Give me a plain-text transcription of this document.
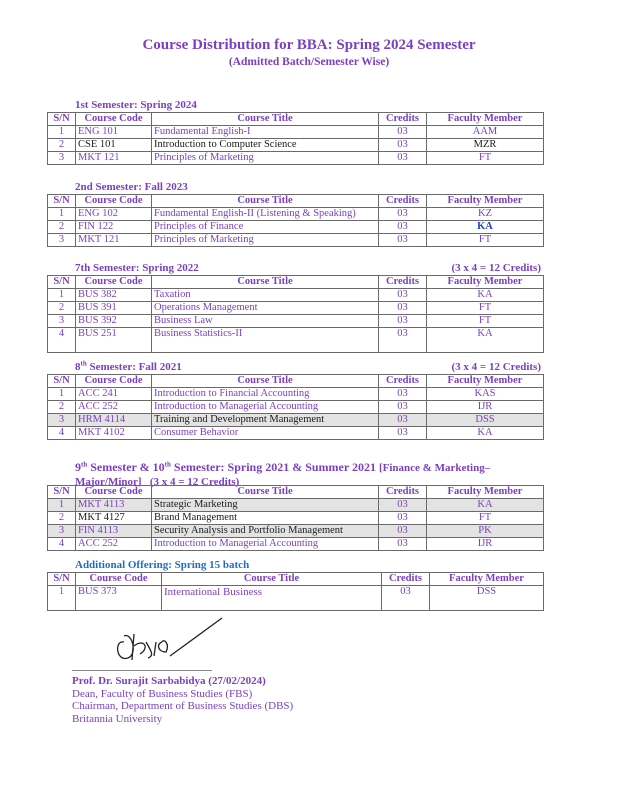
Course Distribution for BBA: Spring 2024 Semester
(Admitted Batch/Semester Wise)
1st Semester: Spring 2024
S/N	Course Code	Course Title	Credits	Faculty Member
1	ENG 101	Fundamental English-I	03	AAM
2	CSE 101	Introduction to Computer Science	03	MZR
3	MKT 121	Principles of Marketing	03	FT
2nd Semester: Fall 2023
S/N	Course Code	Course Title	Credits	Faculty Member
1	ENG 102	Fundamental English-II (Listening & Speaking)	03	KZ
2	FIN 122	Principles of Finance	03	KA
3	MKT 121	Principles of Marketing	03	FT
7th Semester: Spring 2022	(3 x 4 = 12 Credits)
S/N	Course Code	Course Title	Credits	Faculty Member
1	BUS 382	Taxation	03	KA
2	BUS 391	Operations Management	03	FT
3	BUS 392	Business Law	03	FT
4	BUS 251	Business Statistics-II	03	KA
8th Semester: Fall 2021	(3 x 4 = 12 Credits)
S/N	Course Code	Course Title	Credits	Faculty Member
1	ACC 241	Introduction to Financial Accounting	03	KAS
2	ACC 252	Introduction to Managerial Accounting	03	IJR
3	HRM 4114	Training and Development Management	03	DSS
4	MKT 4102	Consumer Behavior	03	KA
9th Semester & 10th Semester: Spring 2021 & Summer 2021 [Finance & Marketing–
Major/Minor] (3 x 4 = 12 Credits)
S/N	Course Code	Course Title	Credits	Faculty Member
1	MKT 4113	Strategic Marketing	03	KA
2	MKT 4127	Brand Management	03	FT
3	FIN 4113	Security Analysis and Portfolio Management	03	PK
4	ACC 252	Introduction to Managerial Accounting	03	IJR
Additional Offering: Spring 15 batch
S/N	Course Code	Course Title	Credits	Faculty Member
1	BUS 373	International Business	03	DSS
Prof. Dr. Surajit Sarbabidya (27/02/2024)
Dean, Faculty of Business Studies (FBS)
Chairman, Department of Business Studies (DBS)
Britannia University
